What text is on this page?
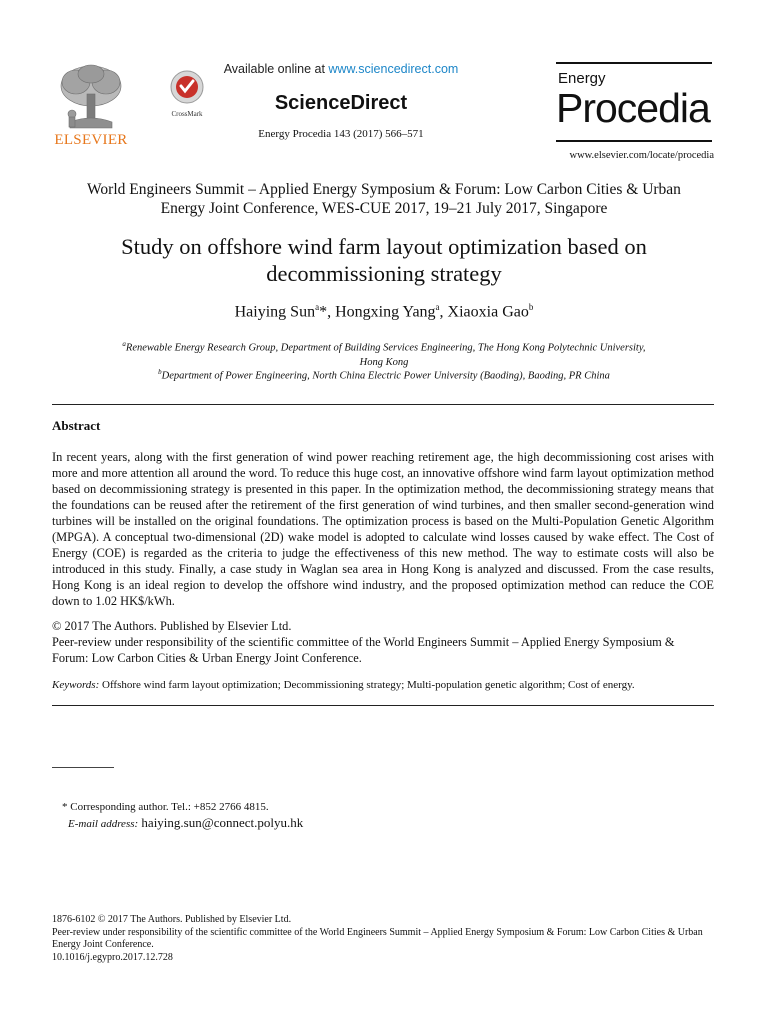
ELSEVIER
CrossMark
Available online at www.sciencedirect.com
ScienceDirect
Energy Procedia 143 (2017) 566–571
Energy
Procedia
www.elsevier.com/locate/procedia
World Engineers Summit – Applied Energy Symposium & Forum: Low Carbon Cities & Urban
Energy Joint Conference, WES-CUE 2017, 19–21 July 2017, Singapore
Study on offshore wind farm layout optimization based on
decommissioning strategy
Haiying Sun$^a$*, Hongxing Yang$^a$, Xiaoxia Gao$^b$
$^a$Renewable Energy Research Group, Department of Building Services Engineering, The Hong Kong Polytechnic University,
Hong Kong
$^b$Department of Power Engineering, North China Electric Power University (Baoding), Baoding, PR China
Abstract
In recent years, along with the first generation of wind power reaching retirement age, the high decommissioning cost arises with more and more attention all around the word. To reduce this huge cost, an innovative offshore wind farm layout optimization method based on decommissioning strategy is presented in this paper. In the optimization method, the decommissioning strategy means that the foundations can be reused after the retirement of the first generation of wind turbines, and then smaller second-generation wind turbines will be installed on the original foundations. The optimization process is based on the Multi-Population Genetic Algorithm (MPGA). A conceptual two-dimensional (2D) wake model is adopted to calculate wind losses caused by wake effect. The Cost of Energy (COE) is regarded as the criteria to judge the effectiveness of this new method. The way to estimate costs will also be introduced in this study. Finally, a case study in Waglan sea area in Hong Kong is analyzed and discussed. From the case results, Hong Kong is an ideal region to develop the offshore wind industry, and the proposed optimization method can reduce the COE down to 1.02 HK$/kWh.
© 2017 The Authors. Published by Elsevier Ltd.
Peer-review under responsibility of the scientific committee of the World Engineers Summit – Applied Energy Symposium & Forum: Low Carbon Cities & Urban Energy Joint Conference.
Keywords: Offshore wind farm layout optimization; Decommissioning strategy; Multi-population genetic algorithm; Cost of energy.
* Corresponding author. Tel.: +852 2766 4815.
E-mail address: haiying.sun@connect.polyu.hk
1876-6102 © 2017 The Authors. Published by Elsevier Ltd.
Peer-review under responsibility of the scientific committee of the World Engineers Summit – Applied Energy Symposium & Forum: Low Carbon Cities & Urban Energy Joint Conference.
10.1016/j.egypro.2017.12.728
